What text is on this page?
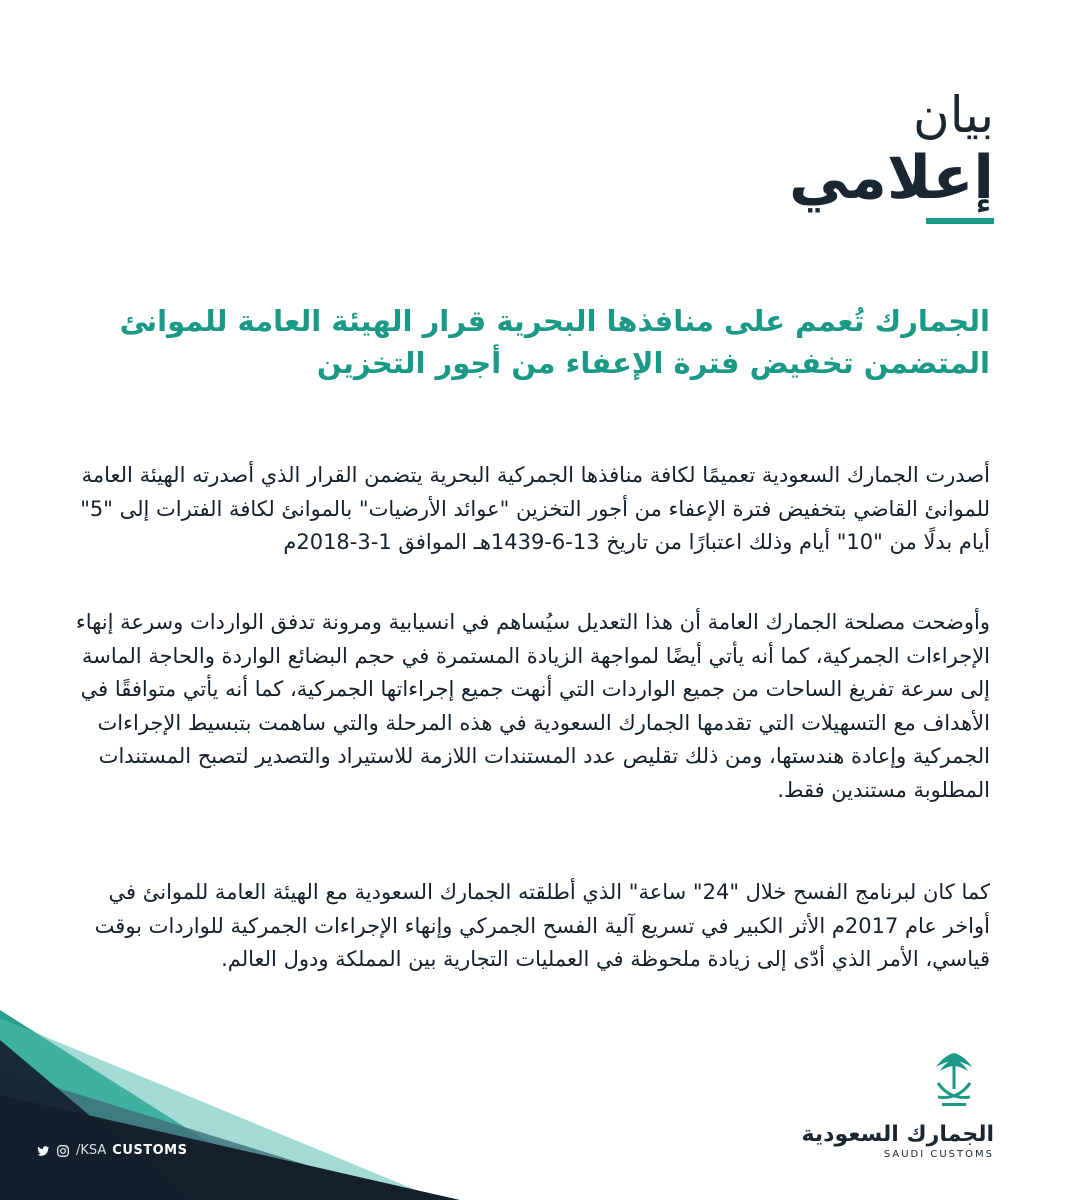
بيان
إعلامي
الجمارك تُعمم على منافذها البحرية قرار الهيئة العامة للموانئ المتضمن تخفيض فترة الإعفاء من أجور التخزين

أصدرت الجمارك السعودية تعميمًا لكافة منافذها الجمركية البحرية يتضمن القرار الذي أصدرته الهيئة العامة للموانئ القاضي بتخفيض فترة الإعفاء من أجور التخزين "عوائد الأرضيات" بالموانئ لكافة الفترات إلى "5" أيام بدلًا من "10" أيام وذلك اعتبارًا من تاريخ 13-6-1439هـ الموافق 1-3-2018م

وأوضحت مصلحة الجمارك العامة أن هذا التعديل سيُساهم في انسيابية ومرونة تدفق الواردات وسرعة إنهاء الإجراءات الجمركية، كما أنه يأتي أيضًا لمواجهة الزيادة المستمرة في حجم البضائع الواردة والحاجة الماسة إلى سرعة تفريغ الساحات من جميع الواردات التي أنهت جميع إجراءاتها الجمركية، كما أنه يأتي متوافقًا في الأهداف مع التسهيلات التي تقدمها الجمارك السعودية في هذه المرحلة والتي ساهمت بتبسيط الإجراءات الجمركية وإعادة هندستها، ومن ذلك تقليص عدد المستندات اللازمة للاستيراد والتصدير لتصبح المستندات المطلوبة مستندين فقط.

كما كان لبرنامج الفسح خلال "24" ساعة" الذي أطلقته الجمارك السعودية مع الهيئة العامة للموانئ في أواخر عام 2017م الأثر الكبير في تسريع آلية الفسح الجمركي وإنهاء الإجراءات الجمركية للواردات بوقت قياسي، الأمر الذي أدّى إلى زيادة ملحوظة في العمليات التجارية بين المملكة ودول العالم.

/KSA CUSTOMS
الجمارك السعودية
SAUDI CUSTOMS
